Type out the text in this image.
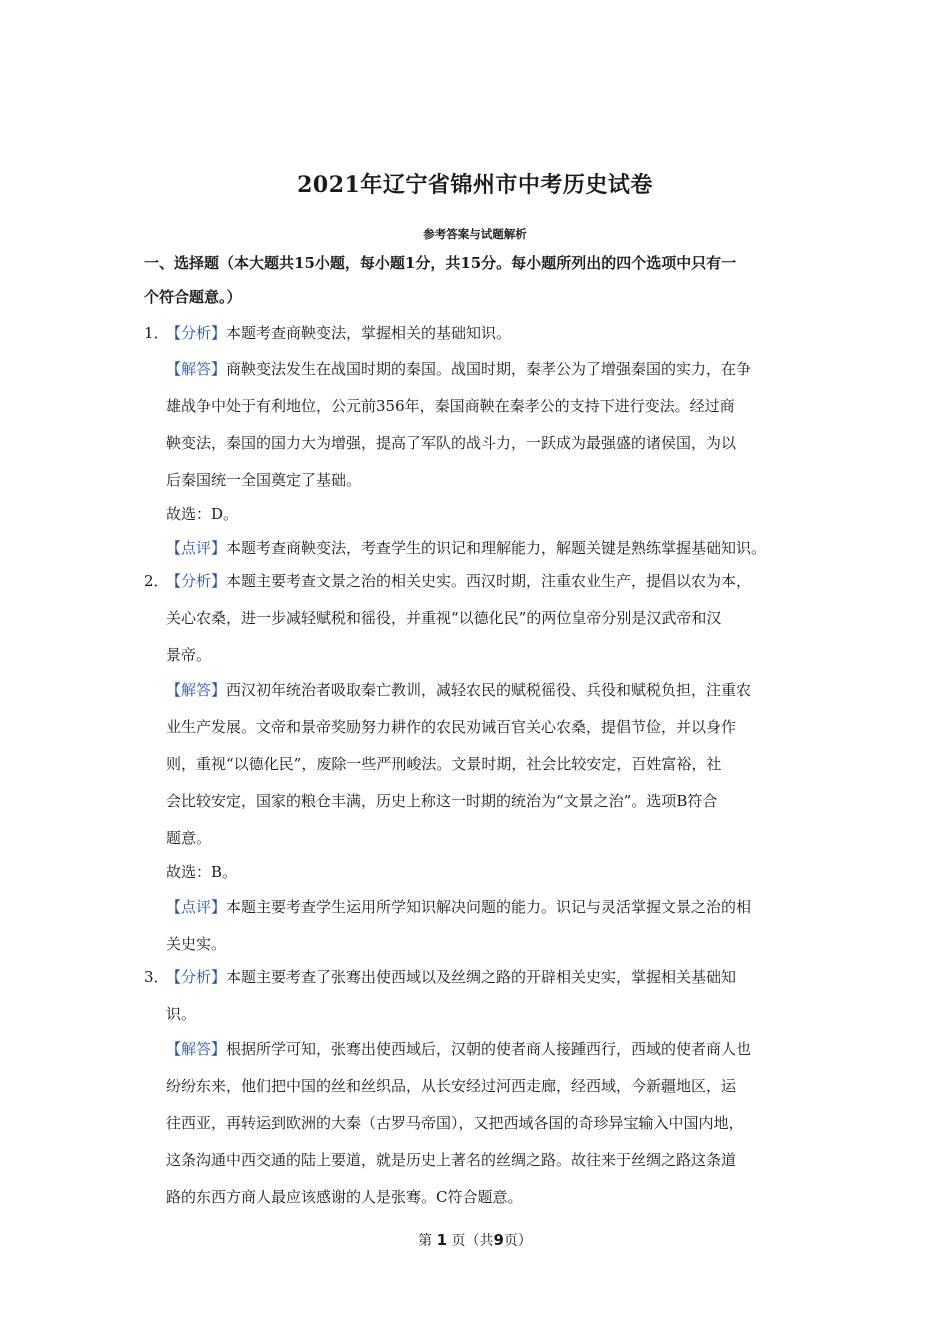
2021年辽宁省锦州市中考历史试卷
参考答案与试题解析
一、选择题（本大题共15小题，每小题1分，共15分。每小题所列出的四个选项中只有一
个符合题意。）
1．
【分析】本题考查商鞅变法，掌握相关的基础知识。
【解答】商鞅变法发生在战国时期的秦国。战国时期，秦孝公为了增强秦国的实力，在争
雄战争中处于有利地位，公元前356年，秦国商鞅在秦孝公的支持下进行变法。经过商
鞅变法，秦国的国力大为增强，提高了军队的战斗力，一跃成为最强盛的诸侯国，为以
后秦国统一全国奠定了基础。
故选：D。
【点评】本题考查商鞅变法，考查学生的识记和理解能力，解题关键是熟练掌握基础知识。
2．
【分析】本题主要考查文景之治的相关史实。西汉时期，注重农业生产，提倡以农为本，
关心农桑，进一步减轻赋税和徭役，并重视“以德化民”的两位皇帝分别是汉武帝和汉
景帝。
【解答】西汉初年统治者吸取秦亡教训，减轻农民的赋税徭役、兵役和赋税负担，注重农
业生产发展。文帝和景帝奖励努力耕作的农民劝诫百官关心农桑，提倡节俭，并以身作
则，重视“以德化民”，废除一些严刑峻法。文景时期，社会比较安定，百姓富裕，社
会比较安定，国家的粮仓丰满，历史上称这一时期的统治为“文景之治”。选项B符合
题意。
故选：B。
【点评】本题主要考查学生运用所学知识解决问题的能力。识记与灵活掌握文景之治的相
关史实。
3．
【分析】本题主要考查了张骞出使西域以及丝绸之路的开辟相关史实，掌握相关基础知
识。
【解答】根据所学可知，张骞出使西域后，汉朝的使者商人接踵西行，西域的使者商人也
纷纷东来，他们把中国的丝和丝织品，从长安经过河西走廊，经西域，今新疆地区，运
往西亚，再转运到欧洲的大秦（古罗马帝国），又把西域各国的奇珍异宝输入中国内地，
这条沟通中西交通的陆上要道，就是历史上著名的丝绸之路。故往来于丝绸之路这条道
路的东西方商人最应该感谢的人是张骞。C符合题意。
第 1 页（共9页）
